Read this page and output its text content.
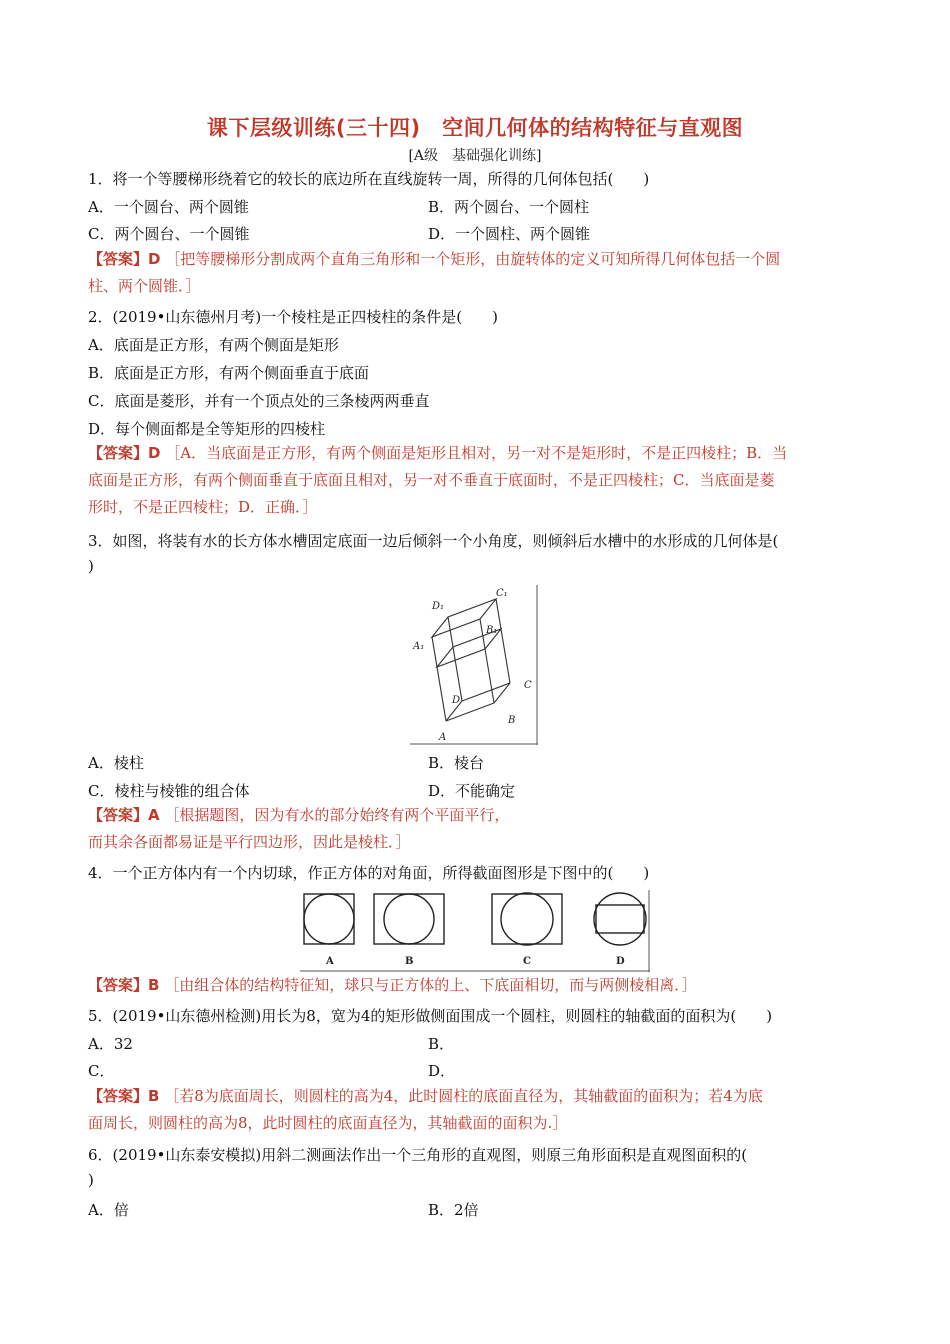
课下层级训练(三十四)　空间几何体的结构特征与直观图
[A级　基础强化训练]
1．将一个等腰梯形绕着它的较长的底边所在直线旋转一周，所得的几何体包括(　　)
A．一个圆台、两个圆锥	B．两个圆台、一个圆柱
C．两个圆台、一个圆锥	D．一个圆柱、两个圆锥
【答案】D ［把等腰梯形分割成两个直角三角形和一个矩形，由旋转体的定义可知所得几何体包括一个圆
柱、两个圆锥．］
2．(2019•山东德州月考)一个棱柱是正四棱柱的条件是(　　)
A．底面是正方形，有两个侧面是矩形
B．底面是正方形，有两个侧面垂直于底面
C．底面是菱形，并有一个顶点处的三条棱两两垂直
D．每个侧面都是全等矩形的四棱柱
【答案】D ［A．当底面是正方形，有两个侧面是矩形且相对，另一对不是矩形时，不是正四棱柱；B．当
底面是正方形，有两个侧面垂直于底面且相对，另一对不垂直于底面时，不是正四棱柱；C．当底面是菱
形时，不是正四棱柱；D．正确．］
3．如图，将装有水的长方体水槽固定底面一边后倾斜一个小角度，则倾斜后水槽中的水形成的几何体是(
)
D₁
C₁
B₁
A₁
D
C
B
A
A．棱柱	B．棱台
C．棱柱与棱锥的组合体	D．不能确定
【答案】A ［根据题图，因为有水的部分始终有两个平面平行，
而其余各面都易证是平行四边形，因此是棱柱．］
4．一个正方体内有一个内切球，作正方体的对角面，所得截面图形是下图中的(　　)
A	B	C	D
【答案】B ［由组合体的结构特征知，球只与正方体的上、下底面相切，而与两侧棱相离．］
5．(2019•山东德州检测)用长为8，宽为4的矩形做侧面围成一个圆柱，则圆柱的轴截面的面积为(　　)
A．32	B．
C．	D．
【答案】B ［若8为底面周长，则圆柱的高为4，此时圆柱的底面直径为，其轴截面的面积为；若4为底
面周长，则圆柱的高为8，此时圆柱的底面直径为，其轴截面的面积为.］
6．(2019•山东泰安模拟)用斜二测画法作出一个三角形的直观图，则原三角形面积是直观图面积的(
)
A．倍	B．2倍
